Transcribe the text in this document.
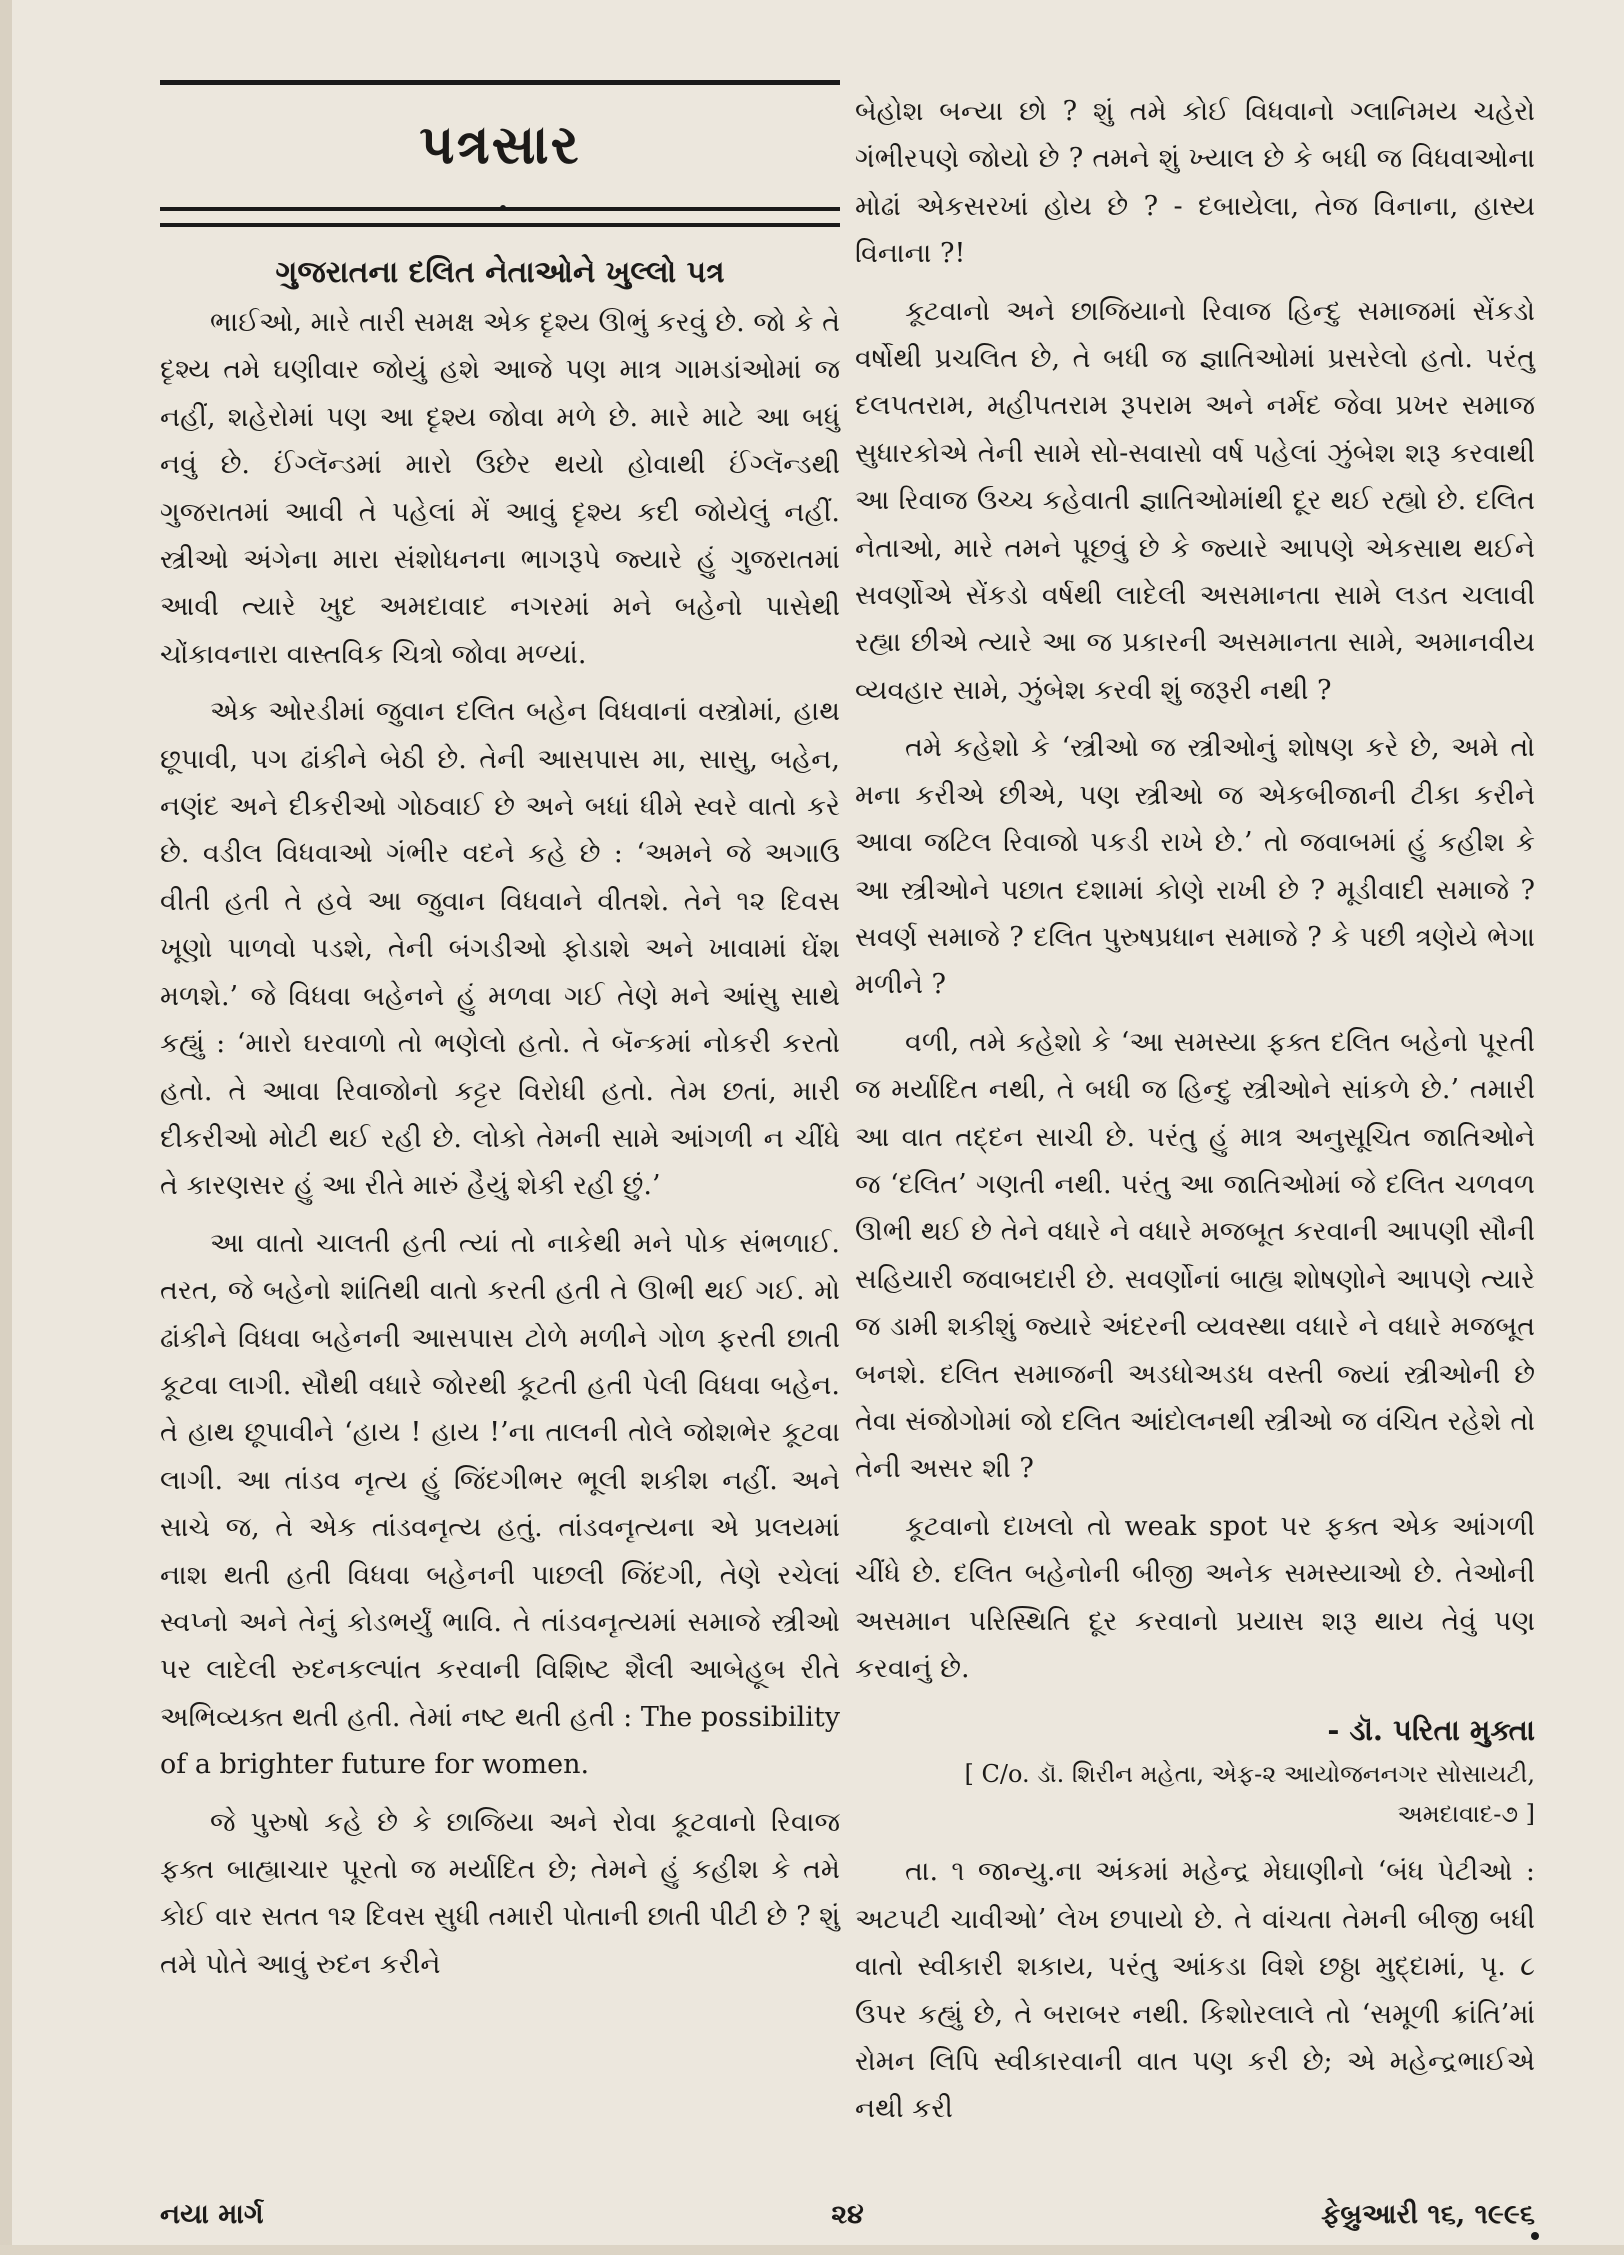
પત્રસાર
ગુજરાતના દલિત નેતાઓને ખુલ્લો પત્ર

ભાઈઓ, મારે તારી સમક્ષ એક દૃશ્ય ઊભું કરવું છે. જો કે તે દૃશ્ય તમે ઘણીવાર જોયું હશે આજે પણ માત્ર ગામડાંઓમાં જ નહીં, શહેરોમાં પણ આ દૃશ્ય જોવા મળે છે. મારે માટે આ બધું નવું છે. ઈંગ્લૅન્ડમાં મારો ઉછેર થયો હોવાથી ઈંગ્લૅન્ડથી ગુજરાતમાં આવી તે પહેલાં મેં આવું દૃશ્ય કદી જોયેલું નહીં. સ્ત્રીઓ અંગેના મારા સંશોધનના ભાગરૂપે જ્યારે હું ગુજરાતમાં આવી ત્યારે ખુદ અમદાવાદ નગરમાં મને બહેનો પાસેથી ચોંકાવનારા વાસ્તવિક ચિત્રો જોવા મળ્યાં.

એક ઓરડીમાં જુવાન દલિત બહેન વિધવાનાં વસ્ત્રોમાં, હાથ છૂપાવી, પગ ઢાંકીને બેઠી છે. તેની આસપાસ મા, સાસુ, બહેન, નણંદ અને દીકરીઓ ગોઠવાઈ છે અને બધાં ધીમે સ્વરે વાતો કરે છે. વડીલ વિધવાઓ ગંભીર વદને કહે છે : ‘અમને જે અગાઉ વીતી હતી તે હવે આ જુવાન વિધવાને વીતશે. તેને ૧૨ દિવસ ખૂણો પાળવો પડશે, તેની બંગડીઓ ફોડાશે અને ખાવામાં ઘેંશ મળશે.’ જે વિધવા બહેનને હું મળવા ગઈ તેણે મને આંસુ સાથે કહ્યું : ‘મારો ઘરવાળો તો ભણેલો હતો. તે બૅન્કમાં નોકરી કરતો હતો. તે આવા રિવાજોનો કટ્ટર વિરોધી હતો. તેમ છતાં, મારી દીકરીઓ મોટી થઈ રહી છે. લોકો તેમની સામે આંગળી ન ચીંધે તે કારણસર હું આ રીતે મારું હૈયું શેકી રહી છું.’

આ વાતો ચાલતી હતી ત્યાં તો નાકેથી મને પોક સંભળાઈ. તરત, જે બહેનો શાંતિથી વાતો કરતી હતી તે ઊભી થઈ ગઈ. મો ઢાંકીને વિધવા બહેનની આસપાસ ટોળે મળીને ગોળ ફરતી છાતી કૂટવા લાગી. સૌથી વધારે જોરથી કૂટતી હતી પેલી વિધવા બહેન. તે હાથ છૂપાવીને ‘હાય ! હાય !’ના તાલની તોલે જોશભેર કૂટવા લાગી. આ તાંડવ નૃત્ય હું જિંદગીભર ભૂલી શકીશ નહીં. અને સાચે જ, તે એક તાંડવનૃત્ય હતું. તાંડવનૃત્યના એ પ્રલયમાં નાશ થતી હતી વિધવા બહેનની પાછલી જિંદગી, તેણે રચેલાં સ્વપ્નો અને તેનું કોડભર્યું ભાવિ. તે તાંડવનૃત્યમાં સમાજે સ્ત્રીઓ પર લાદેલી રુદનકલ્પાંત કરવાની વિશિષ્ટ શૈલી આબેહૂબ રીતે અભિવ્યક્ત થતી હતી. તેમાં નષ્ટ થતી હતી : The possibility of a brighter future for women.

જે પુરુષો કહે છે કે છાજિયા અને રોવા કૂટવાનો રિવાજ ફક્ત બાહ્યાચાર પૂરતો જ મર્યાદિત છે; તેમને હું કહીશ કે તમે કોઈ વાર સતત ૧૨ દિવસ સુધી તમારી પોતાની છાતી પીટી છે ? શું તમે પોતે આવું રુદન કરીને

બેહોશ બન્યા છો ? શું તમે કોઈ વિધવાનો ગ્લાનિમય ચહેરો ગંભીરપણે જોયો છે ? તમને શું ખ્યાલ છે કે બધી જ વિધવાઓના મોઢાં એકસરખાં હોય છે ? - દબાયેલા, તેજ વિનાના, હાસ્ય વિનાના ?!

કૂટવાનો અને છાજિયાનો રિવાજ હિન્દુ સમાજમાં સેંકડો વર્ષોથી પ્રચલિત છે, તે બધી જ જ્ઞાતિઓમાં પ્રસરેલો હતો. પરંતુ દલપતરામ, મહીપતરામ રૂપરામ અને નર્મદ જેવા પ્રખર સમાજ સુધારકોએ તેની સામે સો-સવાસો વર્ષ પહેલાં ઝુંબેશ શરૂ કરવાથી આ રિવાજ ઉચ્ચ કહેવાતી જ્ઞાતિઓમાંથી દૂર થઈ રહ્યો છે. દલિત નેતાઓ, મારે તમને પૂછવું છે કે જ્યારે આપણે એકસાથ થઈને સવર્ણોએ સેંકડો વર્ષથી લાદેલી અસમાનતા સામે લડત ચલાવી રહ્યા છીએ ત્યારે આ જ પ્રકારની અસમાનતા સામે, અમાનવીય વ્યવહાર સામે, ઝુંબેશ કરવી શું જરૂરી નથી ?

તમે કહેશો કે ‘સ્ત્રીઓ જ સ્ત્રીઓનું શોષણ કરે છે, અમે તો મના કરીએ છીએ, પણ સ્ત્રીઓ જ એકબીજાની ટીકા કરીને આવા જટિલ રિવાજો પકડી રાખે છે.’ તો જવાબમાં હું કહીશ કે આ સ્ત્રીઓને પછાત દશામાં કોણે રાખી છે ? મૂડીવાદી સમાજે ? સવર્ણ સમાજે ? દલિત પુરુષપ્રધાન સમાજે ? કે પછી ત્રણેયે ભેગા મળીને ?

વળી, તમે કહેશો કે ‘આ સમસ્યા ફક્ત દલિત બહેનો પૂરતી જ મર્યાદિત નથી, તે બધી જ હિન્દુ સ્ત્રીઓને સાંકળે છે.’ તમારી આ વાત તદ્દન સાચી છે. પરંતુ હું માત્ર અનુસૂચિત જાતિઓને જ ‘દલિત’ ગણતી નથી. પરંતુ આ જાતિઓમાં જે દલિત ચળવળ ઊભી થઈ છે તેને વધારે ને વધારે મજબૂત કરવાની આપણી સૌની સહિયારી જવાબદારી છે. સવર્ણોનાં બાહ્ય શોષણોને આપણે ત્યારે જ ડામી શકીશું જ્યારે અંદરની વ્યવસ્થા વધારે ને વધારે મજબૂત બનશે. દલિત સમાજની અડધોઅડધ વસ્તી જ્યાં સ્ત્રીઓની છે તેવા સંજોગોમાં જો દલિત આંદોલનથી સ્ત્રીઓ જ વંચિત રહેશે તો તેની અસર શી ?

કૂટવાનો દાખલો તો weak spot પર ફક્ત એક આંગળી ચીંધે છે. દલિત બહેનોની બીજી અનેક સમસ્યાઓ છે. તેઓની અસમાન પરિસ્થિતિ દૂર કરવાનો પ્રયાસ શરૂ થાય તેવું પણ કરવાનું છે.

- ડૉ. પરિતા મુક્તા
[ C/o. ડૉ. શિરીન મહેતા, એફ-૨ આયોજનનગર સોસાયટી, અમદાવાદ-૭ ]

તા. ૧ જાન્યુ.ના અંકમાં મહેન્દ્ર મેઘાણીનો ‘બંધ પેટીઓ : અટપટી ચાવીઓ’ લેખ છપાયો છે. તે વાંચતા તેમની બીજી બધી વાતો સ્વીકારી શકાય, પરંતુ આંકડા વિશે છઠ્ઠા મુદ્દામાં, પૃ. ૮ ઉપર કહ્યું છે, તે બરાબર નથી. કિશોરલાલે તો ‘સમૂળી ક્રાંતિ’માં રોમન લિપિ સ્વીકારવાની વાત પણ કરી છે; એ મહેન્દ્રભાઈએ નથી કરી

૨૪
નયા માર્ગ	ફેબ્રુઆરી ૧૬, ૧૯૯૬
